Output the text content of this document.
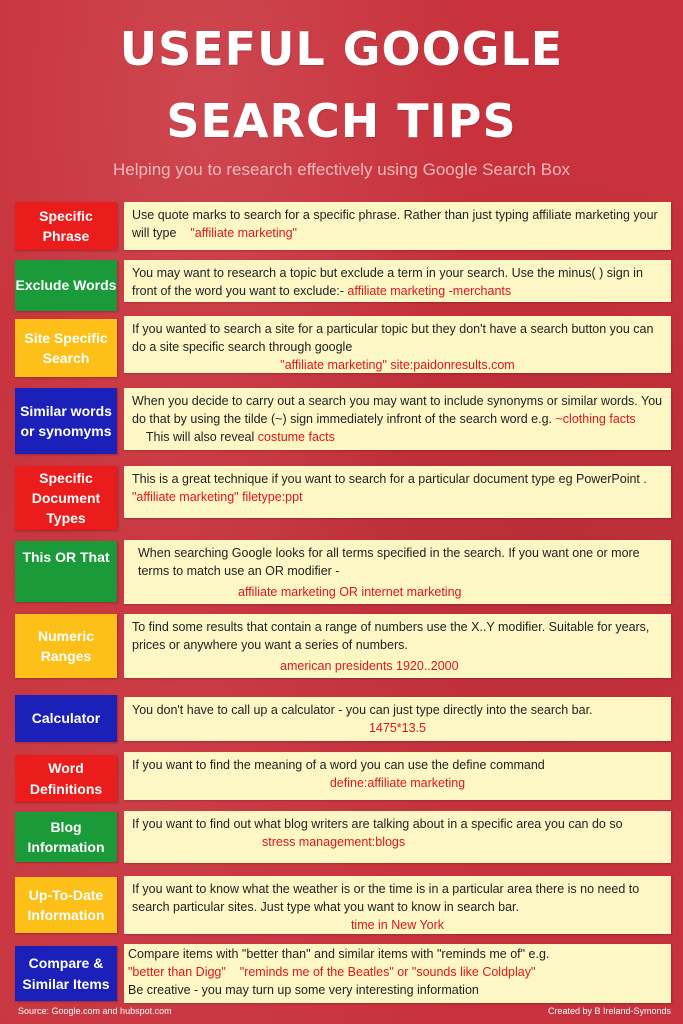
USEFUL GOOGLE
SEARCH TIPS
Helping you to research effectively using Google Search Box
Specific Phrase
Use quote marks to search for a specific phrase. Rather than just typing affiliate marketing your will type "affiliate marketing"
Exclude Words
You may want to research a topic but exclude a term in your search. Use the minus( ) sign in front of the word you want to exclude:- affiliate marketing -merchants
Site Specific Search
If you wanted to search a site for a particular topic but they don't have a search button you can do a site specific search through google
"affiliate marketing" site:paidonresults.com
Similar words or synomyms
When you decide to carry out a search you may want to include synonyms or similar words. You do that by using the tilde (~) sign immediately infront of the search word e.g. ~clothing facts     This will also reveal costume facts
Specific Document Types
This is a great technique if you want to search for a particular document type eg PowerPoint . "affiliate marketing" filetype:ppt
This OR That	When searching Google looks for all terms specified in the search. If you want one or more terms to match use an OR modifier -
affiliate marketing OR internet marketing
Numeric Ranges
To find some results that contain a range of numbers use the X..Y modifier. Suitable for years, prices or anywhere you want a series of numbers.
american presidents 1920..2000
Calculator
You don't have to call up a calculator - you can just type directly into the search bar.
1475*13.5
Word Definitions
If you want to find the meaning of a word you can use the define command
define:affiliate marketing
Blog Information
If you want to find out what blog writers are talking about in a specific area you can do so stress management:blogs
Up-To-Date Information
If you want to know what the weather is or the time is in a particular area there is no need to search particular sites. Just type what you want to know in search bar.
time in New York
Compare & Similar Items
Compare items with "better than" and similar items with "reminds me of" e.g.
"better than Digg" "reminds me of the Beatles" or "sounds like Coldplay"
Be creative - you may turn up some very interesting information
Source: Google.com and hubspot.com	Created by B Ireland-Symonds
